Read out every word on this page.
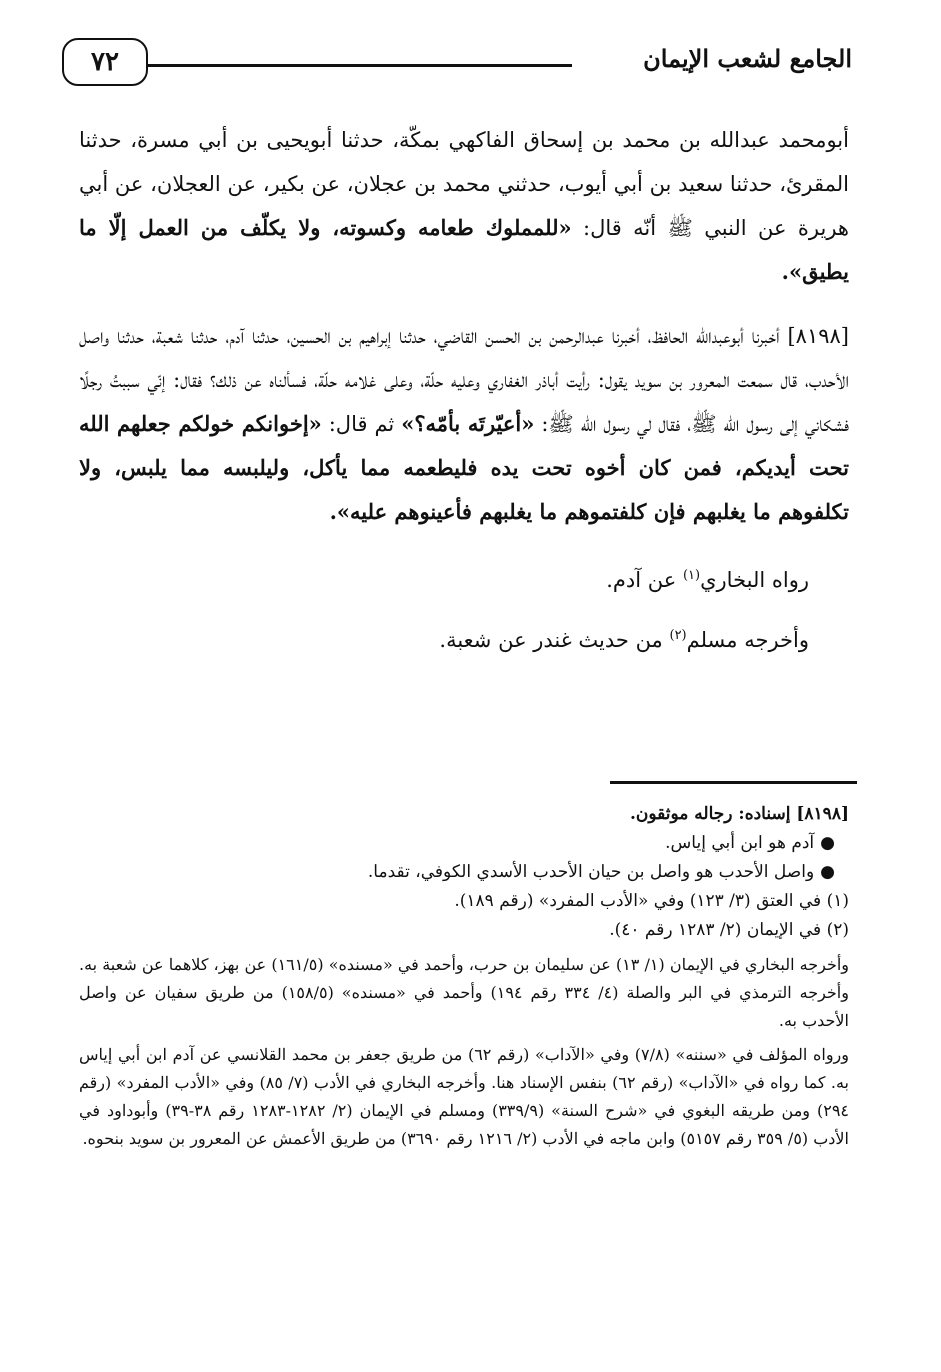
٧٢	الجامع لشعب الإيمان

أبومحمد عبدالله بن محمد بن إسحاق الفاكهي بمكّة، حدثنا أبويحيى بن أبي مسرة، حدثنا المقرئ، حدثنا سعيد بن أبي أيوب، حدثني محمد بن عجلان، عن بكير، عن العجلان، عن أبي هريرة عن النبي ﷺ أنّه قال: «للمملوك طعامه وكسوته، ولا يكلّف من العمل إلّا ما يطيق».

[٨١٩٨] أخبرنا أبوعبدالله الحافظ، أخبرنا عبدالرحمن بن الحسن القاضي، حدثنا إبراهيم بن الحسين، حدثنا آدم، حدثنا شعبة، حدثنا واصل الأحدب، قال سمعت المعرور بن سويد يقول: رأيت أباذر الغفاري وعليه حلّة، وعلى غلامه حلّة، فسألناه عن ذلك؟ فقال: إنّي سببتُ رجلًا فشكاني إلى رسول الله ﷺ، فقال لي رسول الله ﷺ: «أعيّرتَه بأمّه؟» ثم قال: «إخوانكم خولكم جعلهم الله تحت أيديكم، فمن كان أخوه تحت يده فليطعمه مما يأكل، وليلبسه مما يلبس، ولا تكلفوهم ما يغلبهم فإن كلفتموهم ما يغلبهم فأعينوهم عليه».

رواه البخاري$^{(١)}$ عن آدم.

وأخرجه مسلم$^{(٢)}$ من حديث غندر عن شعبة.

[٨١٩٨] إسناده: رجاله موثقون.

●آدم هو ابن أبي إياس.

●واصل الأحدب هو واصل بن حيان الأحدب الأسدي الكوفي، تقدما.

(١) في العتق (٣/ ١٢٣) وفي «الأدب المفرد» (رقم ١٨٩).

(٢) في الإيمان (٢/ ١٢٨٣ رقم ٤٠).

وأخرجه البخاري في الإيمان (١/ ١٣) عن سليمان بن حرب، وأحمد في «مسنده» (١٦١/٥) عن بهز، كلاهما عن شعبة به. وأخرجه الترمذي في البر والصلة (٤/ ٣٣٤ رقم ١٩٤) وأحمد في «مسنده» (١٥٨/٥) من طريق سفيان عن واصل الأحدب به.

ورواه المؤلف في «سننه» (٧/٨) وفي «الآداب» (رقم ٦٢) من طريق جعفر بن محمد القلانسي عن آدم ابن أبي إياس به. كما رواه في «الآداب» (رقم ٦٢) بنفس الإسناد هنا. وأخرجه البخاري في الأدب (٧/ ٨٥) وفي «الأدب المفرد» (رقم ٢٩٤) ومن طريقه البغوي في «شرح السنة» (٣٣٩/٩) ومسلم في الإيمان (٢/ ١٢٨٢-١٢٨٣ رقم ٣٨-٣٩) وأبوداود في الأدب (٥/ ٣٥٩ رقم ٥١٥٧) وابن ماجه في الأدب (٢/ ١٢١٦ رقم ٣٦٩٠) من طريق الأعمش عن المعرور بن سويد بنحوه.
